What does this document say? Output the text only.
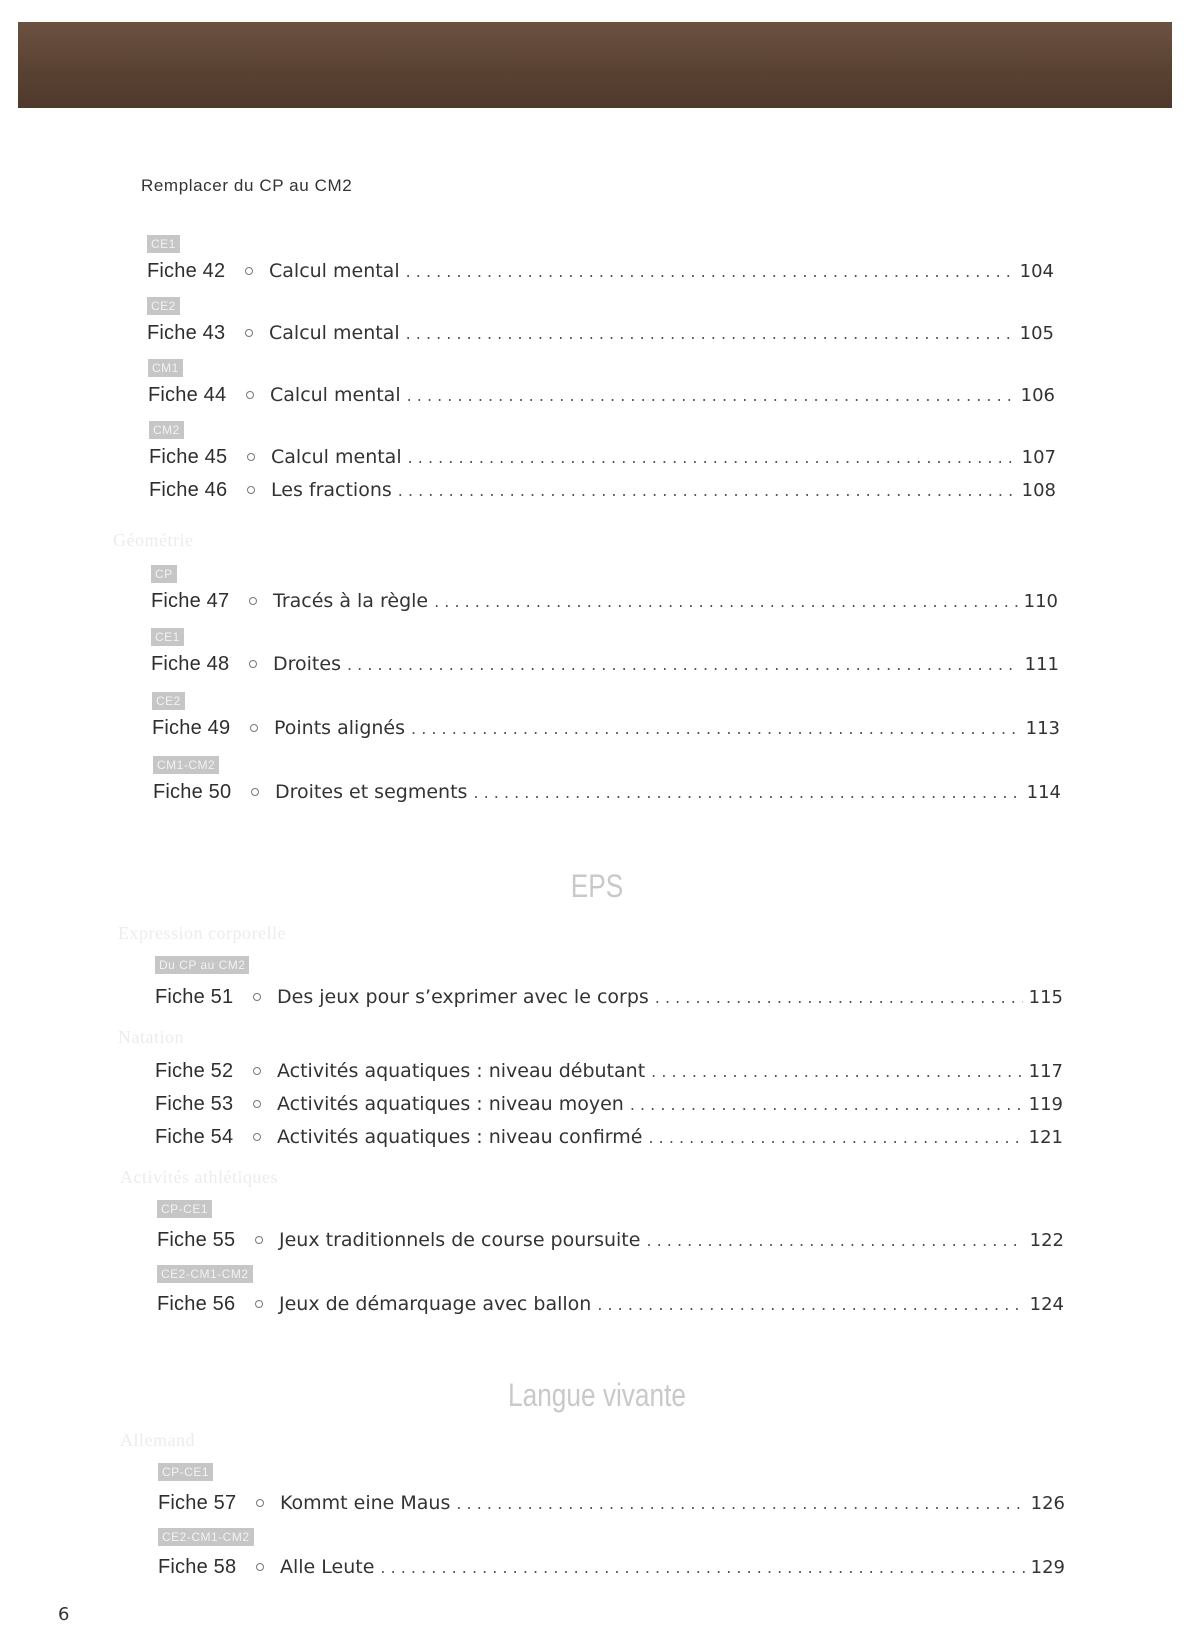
Remplacer du CP au CM2
CE1
Fiche 42	Calcul mental . . .	104
CE2
Fiche 43	Calcul mental . . .	105
CM1
Fiche 44	Calcul mental . . .	106
CM2
Fiche 45	Calcul mental . . .	107
Fiche 46	Les fractions . . .	108
Géométrie
CP
Fiche 47	Tracés à la règle . . .	110
CE1
Fiche 48	Droites . . .	111
CE2
Fiche 49	Points alignés . . .	113
CM1-CM2
Fiche 50	Droites et segments . . .	114
EPS
Expression corporelle
Du CP au CM2
Fiche 51	Des jeux pour s’exprimer avec le corps . . .	115
Natation
Fiche 52	Activités aquatiques : niveau débutant . . .	117
Fiche 53	Activités aquatiques : niveau moyen . . .	119
Fiche 54	Activités aquatiques : niveau confirmé . . .	121
Activités athlétiques
CP-CE1
Fiche 55	Jeux traditionnels de course poursuite . . .	122
CE2-CM1-CM2
Fiche 56	Jeux de démarquage avec ballon . . .	124
Langue vivante
Allemand
CP-CE1
Fiche 57	Kommt eine Maus . . .	126
CE2-CM1-CM2
Fiche 58	Alle Leute . . .	129
6
